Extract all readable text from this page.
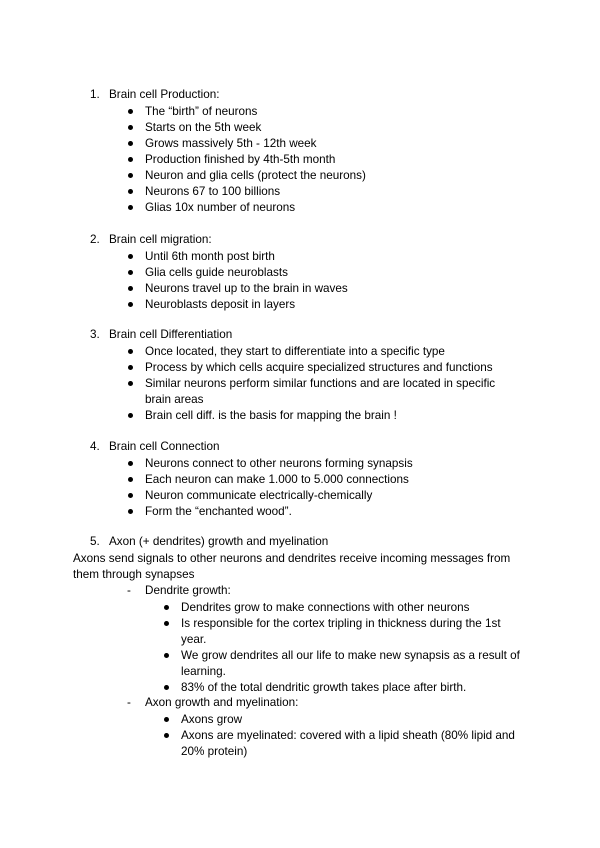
1. Brain cell Production:
The “birth” of neurons
Starts on the 5th week
Grows massively 5th - 12th week
Production finished by 4th-5th month
Neuron and glia cells (protect the neurons)
Neurons 67 to 100 billions
Glias 10x number of neurons
2. Brain cell migration:
Until 6th month post birth
Glia cells guide neuroblasts
Neurons travel up to the brain in waves
Neuroblasts deposit in layers
3. Brain cell Differentiation
Once located, they start to differentiate into a specific type
Process by which cells acquire specialized structures and functions
Similar neurons perform similar functions and are located in specific brain areas
Brain cell diff. is the basis for mapping the brain !
4. Brain cell Connection
Neurons connect to other neurons forming synapsis
Each neuron can make 1.000 to 5.000 connections
Neuron communicate electrically-chemically
Form the “enchanted wood”.
5. Axon (+ dendrites) growth and myelination
Axons send signals to other neurons and dendrites receive incoming messages from them through synapses
- Dendrite growth:
Dendrites grow to make connections with other neurons
Is responsible for the cortex tripling in thickness during the 1st year.
We grow dendrites all our life to make new synapsis as a result of learning.
83% of the total dendritic growth takes place after birth.
- Axon growth and myelination:
Axons grow
Axons are myelinated: covered with a lipid sheath (80% lipid and 20% protein)
